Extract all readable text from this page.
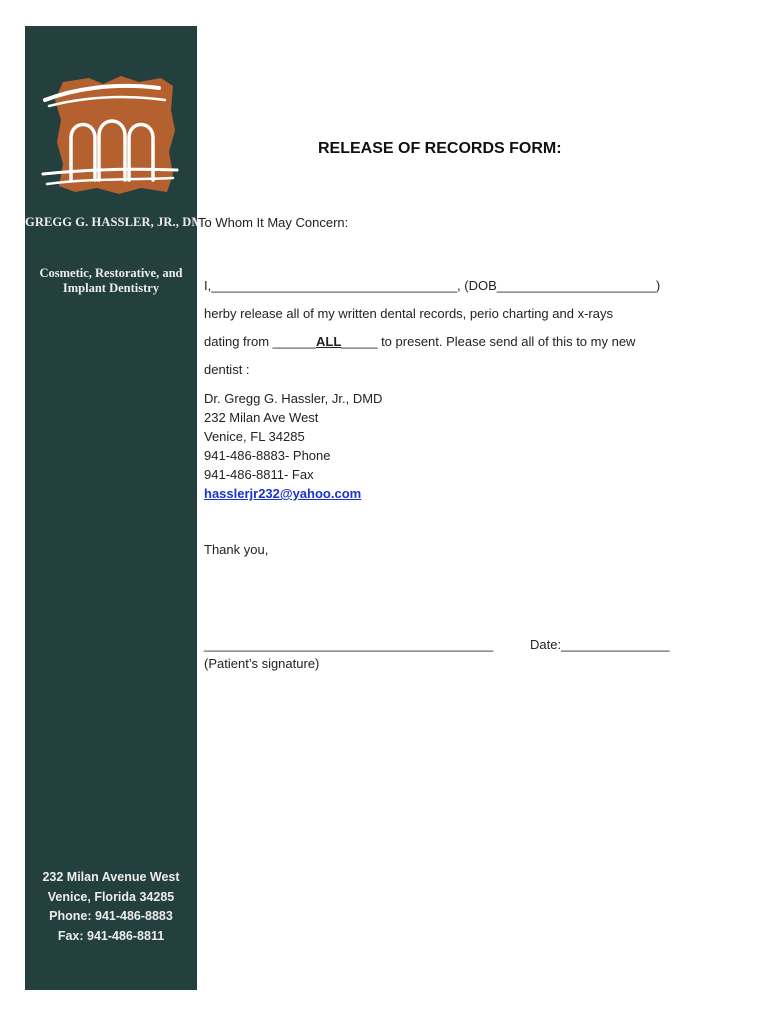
GREGG G. HASSLER, JR., DMD
Cosmetic, Restorative, and
Implant Dentistry
232 Milan Avenue West
Venice, Florida 34285
Phone: 941-486-8883
Fax: 941-486-8811
RELEASE OF RECORDS FORM:
To Whom It May Concern:
I,__________________________________, (DOB______________________)
herby release all of my written dental records, perio charting and x-rays
dating from ______ALL_____ to present. Please send all of this to my new
dentist :
Dr. Gregg G. Hassler, Jr., DMD
232 Milan Ave West
Venice, FL 34285
941-486-8883- Phone
941-486-8811- Fax
hasslerjr232@yahoo.com
Thank you,
________________________________________	Date:_______________
(Patient’s signature)
